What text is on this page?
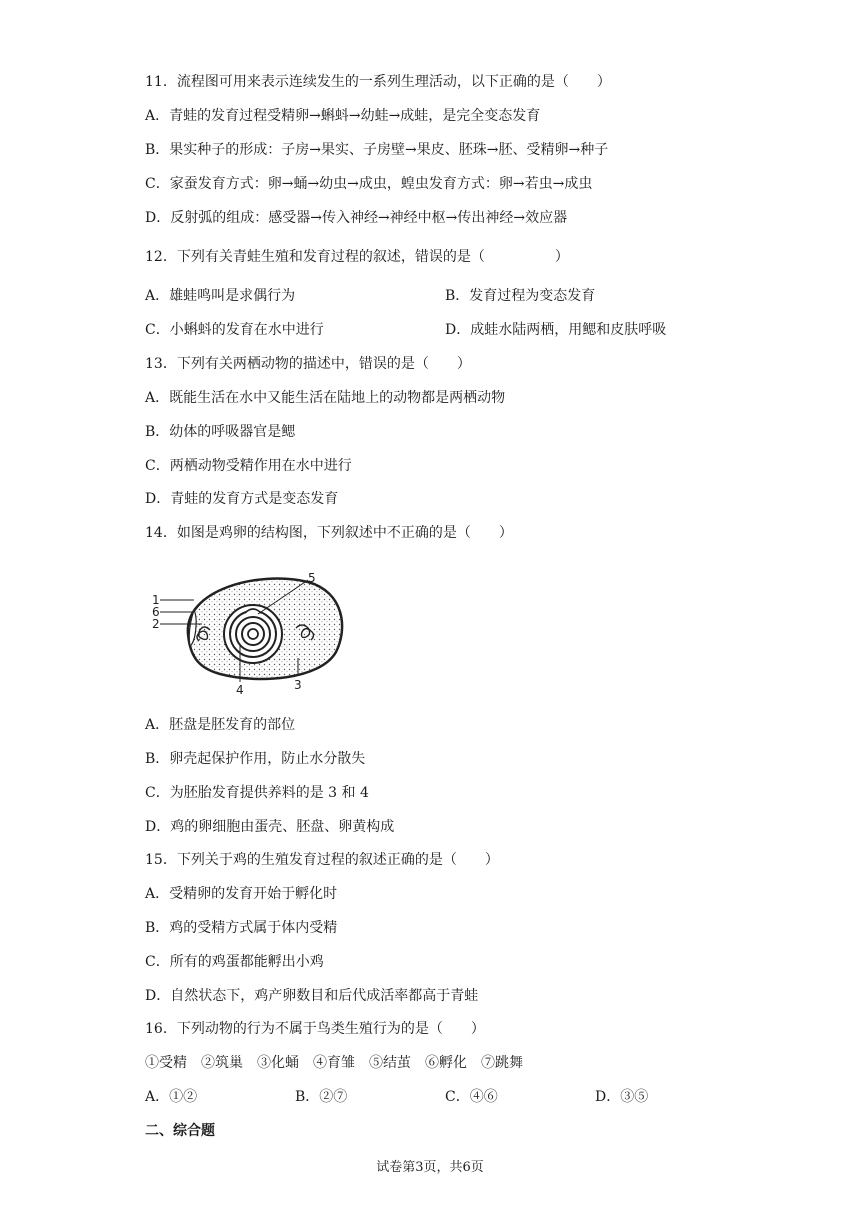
11．流程图可用来表示连续发生的一系列生理活动，以下正确的是（　　）
A．青蛙的发育过程受精卵→蝌蚪→幼蛙→成蛙，是完全变态发育
B．果实种子的形成：子房→果实、子房壁→果皮、胚珠→胚、受精卵→种子
C．家蚕发育方式：卵→蛹→幼虫→成虫，蝗虫发育方式：卵→若虫→成虫
D．反射弧的组成：感受器→传入神经→神经中枢→传出神经→效应器
12．下列有关青蛙生殖和发育过程的叙述，错误的是（　　　　　）
A．雄蛙鸣叫是求偶行为	B．发育过程为变态发育
C．小蝌蚪的发育在水中进行	D．成蛙水陆两栖，用鳃和皮肤呼吸
13．下列有关两栖动物的描述中，错误的是（　　）
A．既能生活在水中又能生活在陆地上的动物都是两栖动物
B．幼体的呼吸器官是鳃
C．两栖动物受精作用在水中进行
D．青蛙的发育方式是变态发育
14．如图是鸡卵的结构图，下列叙述中不正确的是（　　）
1
6
2
5
4	3
A．胚盘是胚发育的部位
B．卵壳起保护作用，防止水分散失
C．为胚胎发育提供养料的是 3 和 4
D．鸡的卵细胞由蛋壳、胚盘、卵黄构成
15．下列关于鸡的生殖发育过程的叙述正确的是（　　）
A．受精卵的发育开始于孵化时
B．鸡的受精方式属于体内受精
C．所有的鸡蛋都能孵出小鸡
D．自然状态下，鸡产卵数目和后代成活率都高于青蛙
16．下列动物的行为不属于鸟类生殖行为的是（　　）
①受精　②筑巢　③化蛹　④育雏　⑤结茧　⑥孵化　⑦跳舞
A．①②	B．②⑦	C．④⑥	D．③⑤
二、综合题
试卷第3页，共6页
